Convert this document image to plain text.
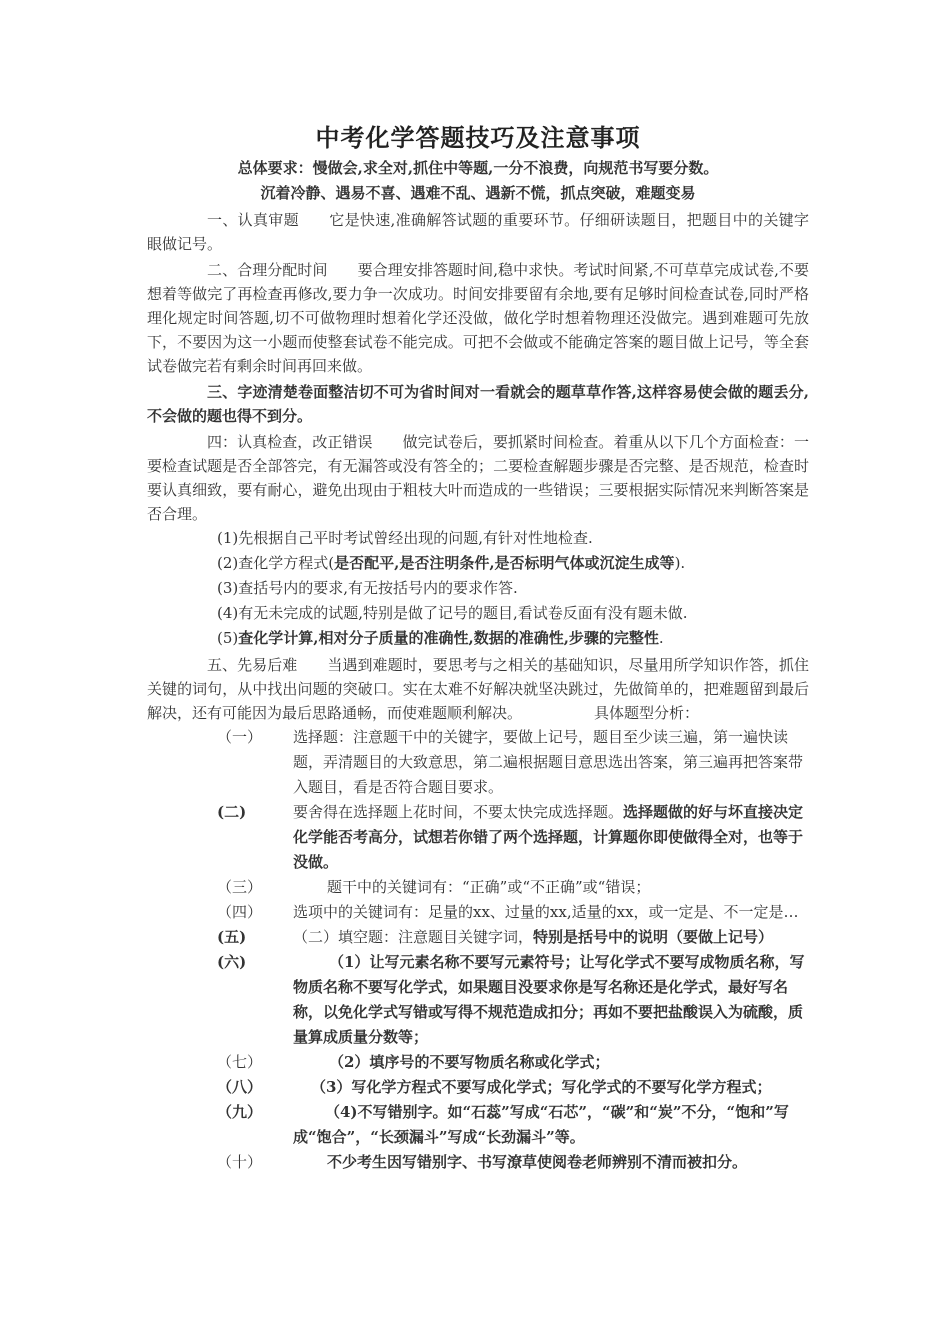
中考化学答题技巧及注意事项
总体要求：慢做会,求全对,抓住中等题,一分不浪费，向规范书写要分数。
沉着冷静、遇易不喜、遇难不乱、遇新不慌，抓点突破，难题变易
一、认真审题 它是快速,准确解答试题的重要环节。仔细研读题目，把题目中的关键字眼做记号。
二、合理分配时间 要合理安排答题时间,稳中求快。考试时间紧,不可草草完成试卷,不要想着等做完了再检查再修改,要力争一次成功。时间安排要留有余地,要有足够时间检查试卷,同时严格理化规定时间答题,切不可做物理时想着化学还没做，做化学时想着物理还没做完。遇到难题可先放下，不要因为这一小题而使整套试卷不能完成。可把不会做或不能确定答案的题目做上记号，等全套试卷做完若有剩余时间再回来做。
三、字迹清楚卷面整洁切不可为省时间对一看就会的题草草作答,这样容易使会做的题丢分,不会做的题也得不到分。
四：认真检查，改正错误 做完试卷后，要抓紧时间检查。着重从以下几个方面检查：一要检查试题是否全部答完，有无漏答或没有答全的；二要检查解题步骤是否完整、是否规范，检查时要认真细致，要有耐心，避免出现由于粗枝大叶而造成的一些错误；三要根据实际情况来判断答案是否合理。
(1)先根据自己平时考试曾经出现的问题,有针对性地检查.
(2)查化学方程式(是否配平,是否注明条件,是否标明气体或沉淀生成等).
(3)查括号内的要求,有无按括号内的要求作答.
(4)有无未完成的试题,特别是做了记号的题目,看试卷反面有没有题未做.
(5)查化学计算,相对分子质量的准确性,数据的准确性,步骤的完整性.
五、先易后难 当遇到难题时，要思考与之相关的基础知识，尽量用所学知识作答，抓住关键的词句，从中找出问题的突破口。实在太难不好解决就坚决跳过，先做简单的，把难题留到最后解决，还有可能因为最后思路通畅，而使难题顺利解决。	具体题型分析：
（一）	选择题：注意题干中的关键字，要做上记号，题目至少读三遍，第一遍快读题，弄清题目的大致意思，第二遍根据题目意思选出答案，第三遍再把答案带入题目，看是否符合题目要求。
(二)	要舍得在选择题上花时间，不要太快完成选择题。选择题做的好与坏直接决定化学能否考高分，试想若你错了两个选择题，计算题你即使做得全对，也等于没做。
（三）	题干中的关键词有：“正确”或“不正确”或“错误；
（四）	选项中的关键词有：足量的xx、过量的xx,适量的xx，或一定是、不一定是…
(五)	（二）填空题：注意题目关键字词，特别是括号中的说明（要做上记号）
(六)	（1）让写元素名称不要写元素符号；让写化学式不要写成物质名称，写物质名称不要写化学式，如果题目没要求你是写名称还是化学式，最好写名称，以免化学式写错或写得不规范造成扣分；再如不要把盐酸误入为硫酸，质量算成质量分数等；
（七）	（2）填序号的不要写物质名称或化学式；
（八）	（3）写化学方程式不要写成化学式；写化学式的不要写化学方程式；
（九）	（4)不写错别字。如“石蕊”写成“石芯”，“碳”和“炭”不分，“饱和”写成“饱合”，“长颈漏斗”写成“长劲漏斗”等。
（十）	不少考生因写错别字、书写潦草使阅卷老师辨别不清而被扣分。
